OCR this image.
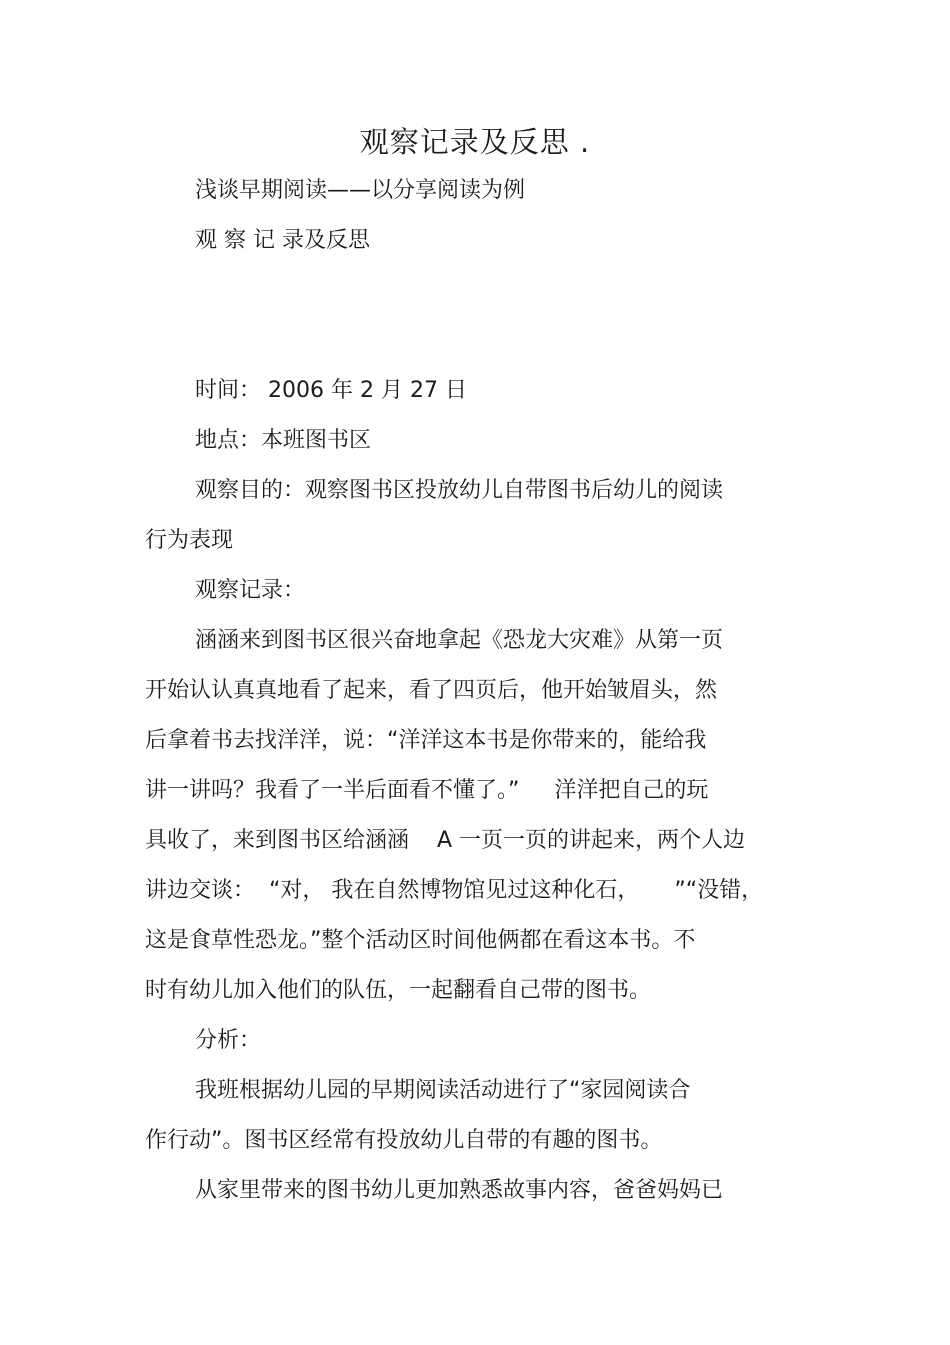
观察记录及反思 .
浅谈早期阅读——以分享阅读为例
观 察 记 录及反思
时间： 2006 年 2 月 27 日
地点：本班图书区
观察目的：观察图书区投放幼儿自带图书后幼儿的阅读
行为表现
观察记录：
涵涵来到图书区很兴奋地拿起《恐龙大灾难》从第一页
开始认认真真地看了起来，看了四页后，他开始皱眉头，然
后拿着书去找洋洋，说：“洋洋这本书是你带来的，能给我
讲一讲吗？我看了一半后面看不懂了。”     洋洋把自己的玩
具收了，来到图书区给涵涵    A 一页一页的讲起来，两个人边
讲边交谈：  “对， 我在自然博物馆见过这种化石，     ”“没错，
这是食草性恐龙。”整个活动区时间他俩都在看这本书。不
时有幼儿加入他们的队伍，一起翻看自己带的图书。
分析：
我班根据幼儿园的早期阅读活动进行了“家园阅读合
作行动”。图书区经常有投放幼儿自带的有趣的图书。
从家里带来的图书幼儿更加熟悉故事内容，爸爸妈妈已
